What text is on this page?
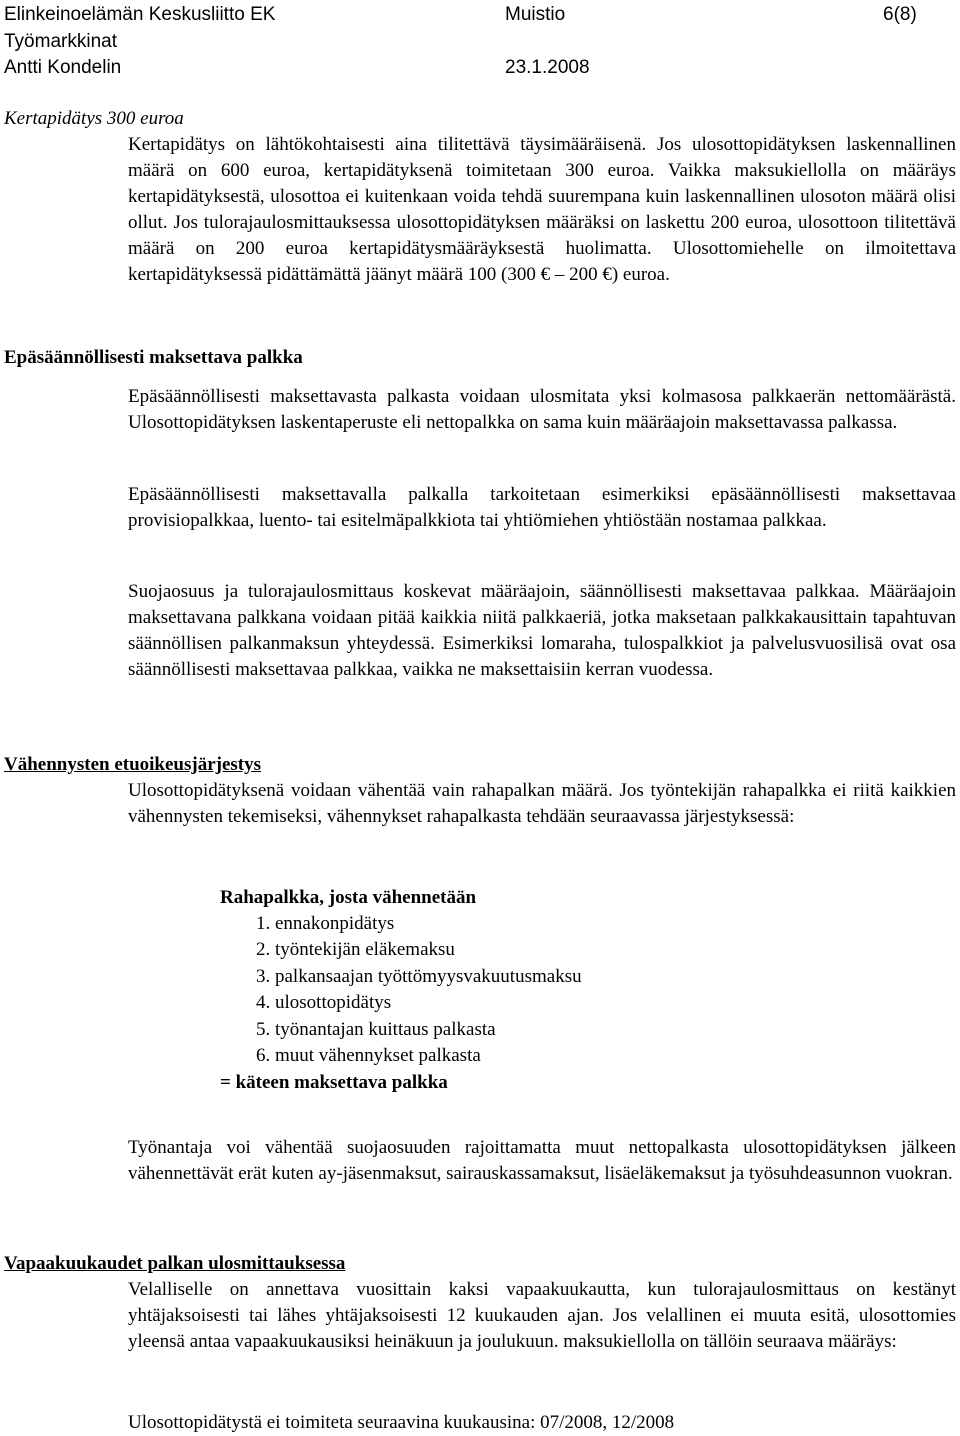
Elinkeinoelämän Keskusliitto EK	Muistio	6(8)
Työmarkkinat
Antti Kondelin	23.1.2008
Kertapidätys 300 euroa

Kertapidätys on lähtökohtaisesti aina tilitettävä täysimääräisenä. Jos ulosottopidätyksen laskennallinen määrä on 600 euroa, kertapidätyksenä toimitetaan 300 euroa. Vaikka maksukiellolla on määräys kertapidätyksestä, ulosottoa ei kuitenkaan voida tehdä suurempana kuin laskennallinen ulosoton määrä olisi ollut. Jos tulorajaulosmittauksessa ulosottopidätyksen määräksi on laskettu 200 euroa, ulosottoon tilitettävä määrä on 200 euroa kertapidätysmääräyksestä huolimatta. Ulosottomiehelle on ilmoitettava kertapidätyksessä pidättämättä jäänyt määrä 100 (300 € – 200 €) euroa.

Epäsäännöllisesti maksettava palkka

Epäsäännöllisesti maksettavasta palkasta voidaan ulosmitata yksi kolmasosa palkkaerän nettomäärästä. Ulosottopidätyksen laskentaperuste eli nettopalkka on sama kuin määräajoin maksettavassa palkassa.

Epäsäännöllisesti maksettavalla palkalla tarkoitetaan esimerkiksi epäsäännöllisesti maksettavaa provisiopalkkaa, luento- tai esitelmäpalkkiota tai yhtiömiehen yhtiöstään nostamaa palkkaa.

Suojaosuus ja tulorajaulosmittaus koskevat määräajoin, säännöllisesti maksettavaa palkkaa. Määräajoin maksettavana palkkana voidaan pitää kaikkia niitä palkkaeriä, jotka maksetaan palkkakausittain tapahtuvan säännöllisen palkanmaksun yhteydessä. Esimerkiksi lomaraha, tulospalkkiot ja palvelusvuosilisä ovat osa säännöllisesti maksettavaa palkkaa, vaikka ne maksettaisiin kerran vuodessa.

Vähennysten etuoikeusjärjestys

Ulosottopidätyksenä voidaan vähentää vain rahapalkan määrä. Jos työntekijän rahapalkka ei riitä kaikkien vähennysten tekemiseksi, vähennykset rahapalkasta tehdään seuraavassa järjestyksessä:

Rahapalkka, josta vähennetään
1. ennakonpidätys
2. työntekijän eläkemaksu
3. palkansaajan työttömyysvakuutusmaksu
4. ulosottopidätys
5. työnantajan kuittaus palkasta
6. muut vähennykset palkasta
= käteen maksettava palkka

Työnantaja voi vähentää suojaosuuden rajoittamatta muut nettopalkasta ulosottopidätyksen jälkeen vähennettävät erät kuten ay-jäsenmaksut, sairauskassamaksut, lisäeläkemaksut ja työsuhdeasunnon vuokran.

Vapaakuukaudet palkan ulosmittauksessa

Velalliselle on annettava vuosittain kaksi vapaakuukautta, kun tulorajaulosmittaus on kestänyt yhtäjaksoisesti tai lähes yhtäjaksoisesti 12 kuukauden ajan. Jos velallinen ei muuta esitä, ulosottomies yleensä antaa vapaakuukausiksi heinäkuun ja joulukuun. maksukiellolla on tällöin seuraava määräys:

Ulosottopidätystä ei toimiteta seuraavina kuukausina: 07/2008, 12/2008
